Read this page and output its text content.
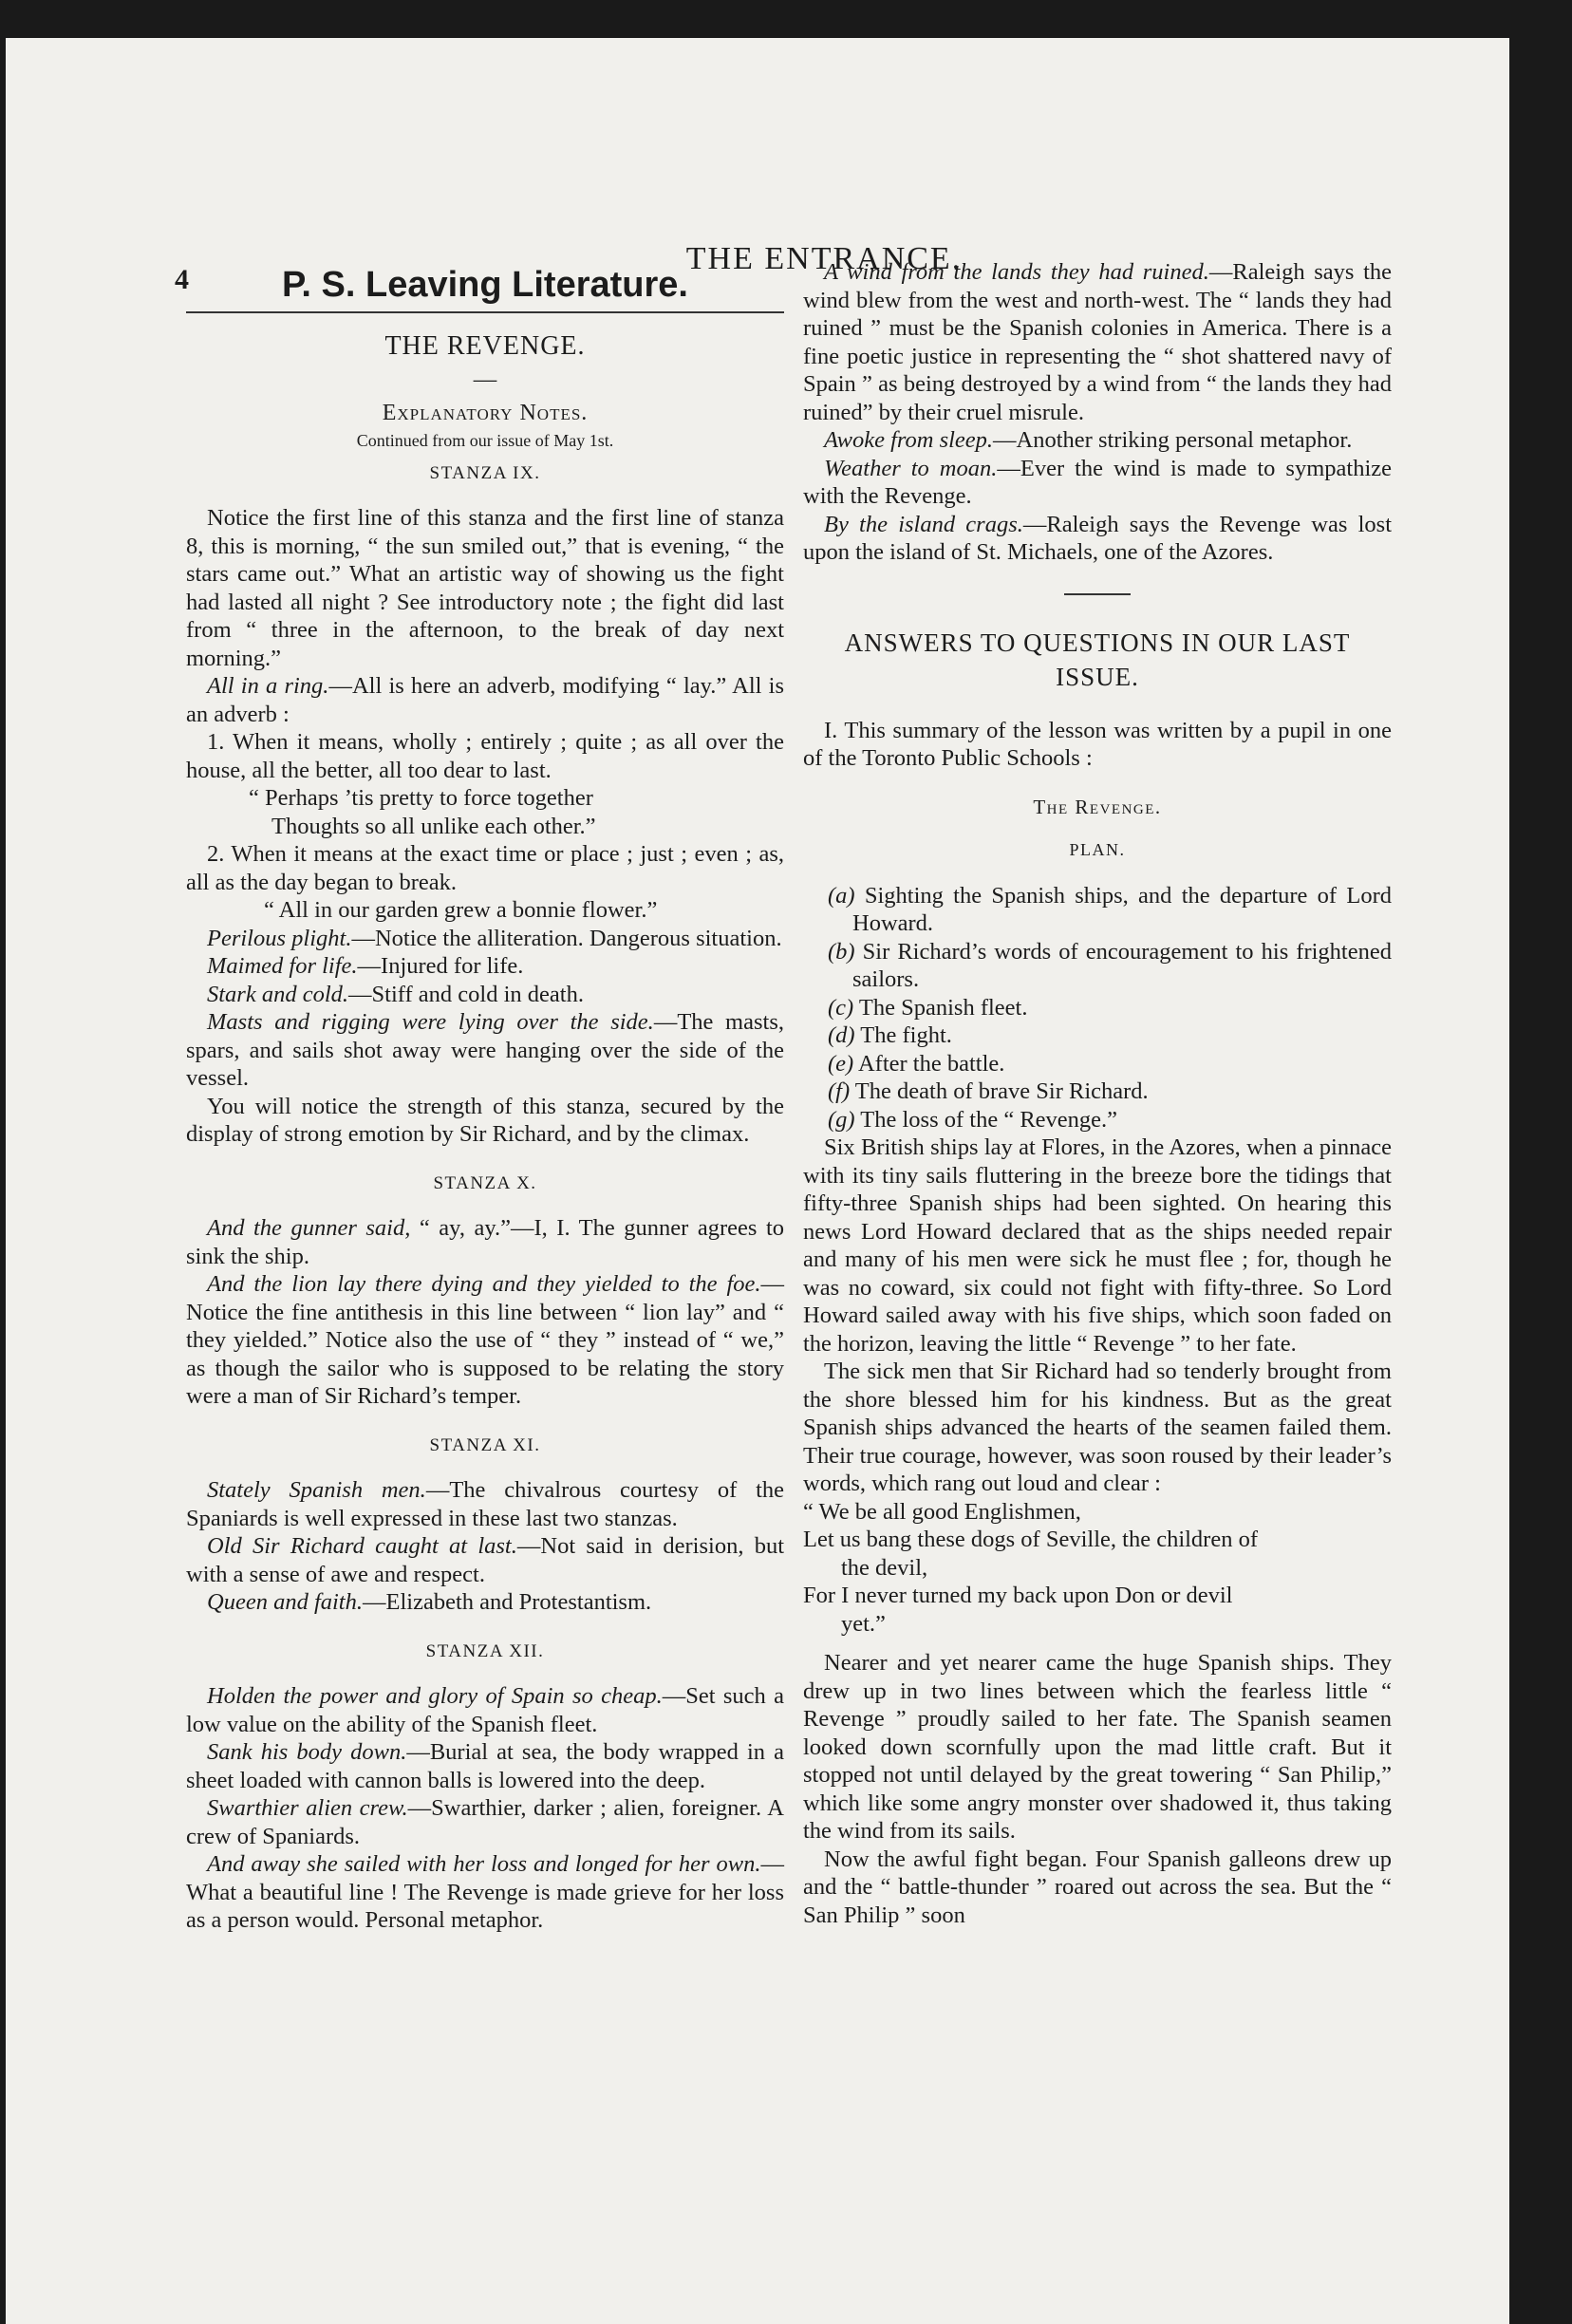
4
THE ENTRANCE.
P. S. Leaving Literature.
THE REVENGE.
—
Explanatory Notes.
Continued from our issue of May 1st.
STANZA IX.

Notice the first line of this stanza and the first line of stanza 8, this is morning, “ the sun smiled out,” that is evening, “ the stars came out.” What an artistic way of showing us the fight had lasted all night ? See introductory note ; the fight did last from “ three in the afternoon, to the break of day next morning.”

All in a ring.—All is here an adverb, modifying “ lay.” All is an adverb :

1. When it means, wholly ; entirely ; quite ; as all over the house, all the better, all too dear to last.

“ Perhaps ’tis pretty to force together

Thoughts so all unlike each other.”

2. When it means at the exact time or place ; just ; even ; as, all as the day began to break.

“ All in our garden grew a bonnie flower.”

Perilous plight.—Notice the alliteration. Dangerous situation.

Maimed for life.—Injured for life.

Stark and cold.—Stiff and cold in death.

Masts and rigging were lying over the side.—The masts, spars, and sails shot away were hanging over the side of the vessel.

You will notice the strength of this stanza, secured by the display of strong emotion by Sir Richard, and by the climax.

STANZA X.

And the gunner said, “ ay, ay.”—I, I. The gunner agrees to sink the ship.

And the lion lay there dying and they yielded to the foe.—Notice the fine antithesis in this line between “ lion lay” and “ they yielded.” Notice also the use of “ they ” instead of “ we,” as though the sailor who is supposed to be relating the story were a man of Sir Richard’s temper.

STANZA XI.

Stately Spanish men.—The chivalrous courtesy of the Spaniards is well expressed in these last two stanzas.

Old Sir Richard caught at last.—Not said in derision, but with a sense of awe and respect.

Queen and faith.—Elizabeth and Protestantism.

STANZA XII.

Holden the power and glory of Spain so cheap.—Set such a low value on the ability of the Spanish fleet.

Sank his body down.—Burial at sea, the body wrapped in a sheet loaded with cannon balls is lowered into the deep.

Swarthier alien crew.—Swarthier, darker ; alien, foreigner. A crew of Spaniards.

And away she sailed with her loss and longed for her own.—What a beautiful line ! The Revenge is made grieve for her loss as a person would. Personal metaphor.

A wind from the lands they had ruined.—Raleigh says the wind blew from the west and north-west. The “ lands they had ruined ” must be the Spanish colonies in America. There is a fine poetic justice in representing the “ shot shattered navy of Spain ” as being destroyed by a wind from “ the lands they had ruined” by their cruel misrule.

Awoke from sleep.—Another striking personal metaphor.

Weather to moan.—Ever the wind is made to sympathize with the Revenge.

By the island crags.—Raleigh says the Revenge was lost upon the island of St. Michaels, one of the Azores.

ANSWERS TO QUESTIONS IN OUR LAST ISSUE.

I. This summary of the lesson was written by a pupil in one of the Toronto Public Schools :

The Revenge.
PLAN.

(a) Sighting the Spanish ships, and the departure of Lord Howard.

(b) Sir Richard’s words of encouragement to his frightened sailors.

(c) The Spanish fleet.

(d) The fight.

(e) After the battle.

(f) The death of brave Sir Richard.

(g) The loss of the “ Revenge.”

Six British ships lay at Flores, in the Azores, when a pinnace with its tiny sails fluttering in the breeze bore the tidings that fifty-three Spanish ships had been sighted. On hearing this news Lord Howard declared that as the ships needed repair and many of his men were sick he must flee ; for, though he was no coward, six could not fight with fifty-three. So Lord Howard sailed away with his five ships, which soon faded on the horizon, leaving the little “ Revenge ” to her fate.

The sick men that Sir Richard had so tenderly brought from the shore blessed him for his kindness. But as the great Spanish ships advanced the hearts of the seamen failed them. Their true courage, however, was soon roused by their leader’s words, which rang out loud and clear :

“ We be all good Englishmen,

Let us bang these dogs of Seville, the children of
the devil,

For I never turned my back upon Don or devil
yet.”

Nearer and yet nearer came the huge Spanish ships. They drew up in two lines between which the fearless little “ Revenge ” proudly sailed to her fate. The Spanish seamen looked down scornfully upon the mad little craft. But it stopped not until delayed by the great towering “ San Philip,” which like some angry monster over shadowed it, thus taking the wind from its sails.

Now the awful fight began. Four Spanish galleons drew up and the “ battle-thunder ” roared out across the sea. But the “ San Philip ” soon
